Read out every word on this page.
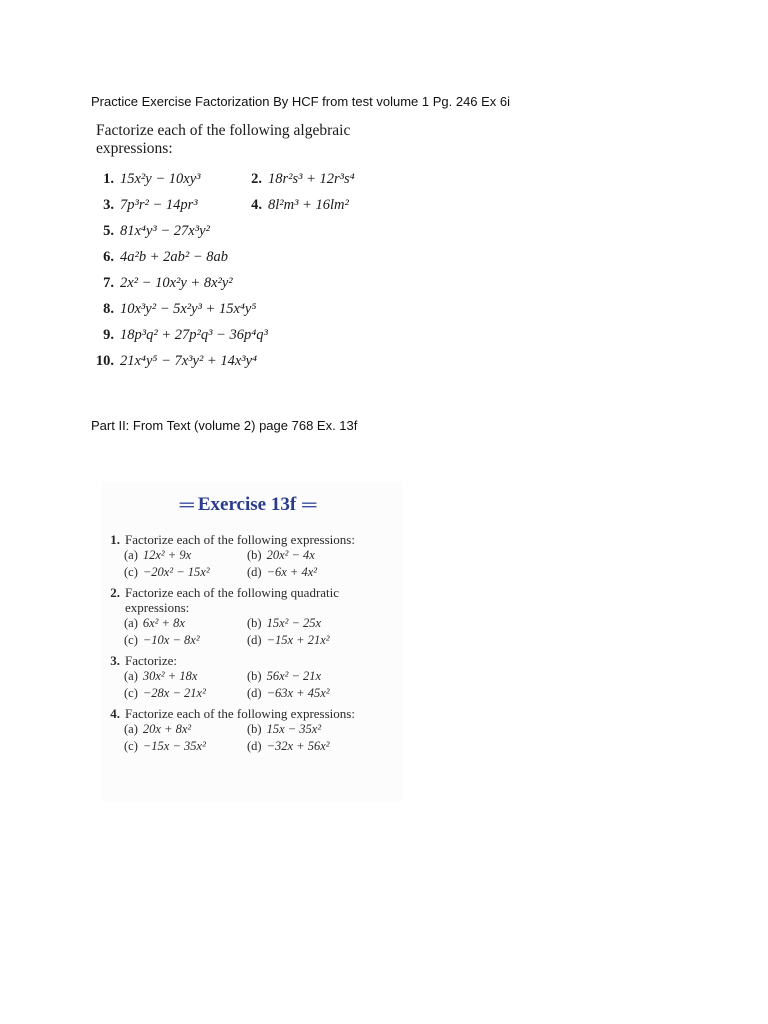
Practice Exercise Factorization By HCF from test volume 1 Pg. 246 Ex 6i
Factorize each of the following algebraic expressions:
1. 15x²y − 10xy³	2. 18r²s³ + 12r³s⁴
3. 7p³r² − 14pr³	4. 8l²m³ + 16lm²
5. 81x⁴y³ − 27x³y²
6. 4a²b + 2ab² − 8ab
7. 2x² − 10x²y + 8x²y²
8. 10x³y² − 5x²y³ + 15x⁴y⁵
9. 18p³q² + 27p²q³ − 36p⁴q³
10. 21x⁴y⁵ − 7x³y² + 14x³y⁴
Part II: From Text (volume 2) page 768 Ex. 13f
═ Exercise 13f ═
1. Factorize each of the following expressions:
(a) 12x² + 9x	(b) 20x² − 4x
(c) −20x² − 15x²	(d) −6x + 4x²
2. Factorize each of the following quadratic expressions:
(a) 6x² + 8x	(b) 15x² − 25x
(c) −10x − 8x²	(d) −15x + 21x²
3. Factorize:
(a) 30x² + 18x	(b) 56x² − 21x
(c) −28x − 21x²	(d) −63x + 45x²
4. Factorize each of the following expressions:
(a) 20x + 8x²	(b) 15x − 35x²
(c) −15x − 35x²	(d) −32x + 56x²
